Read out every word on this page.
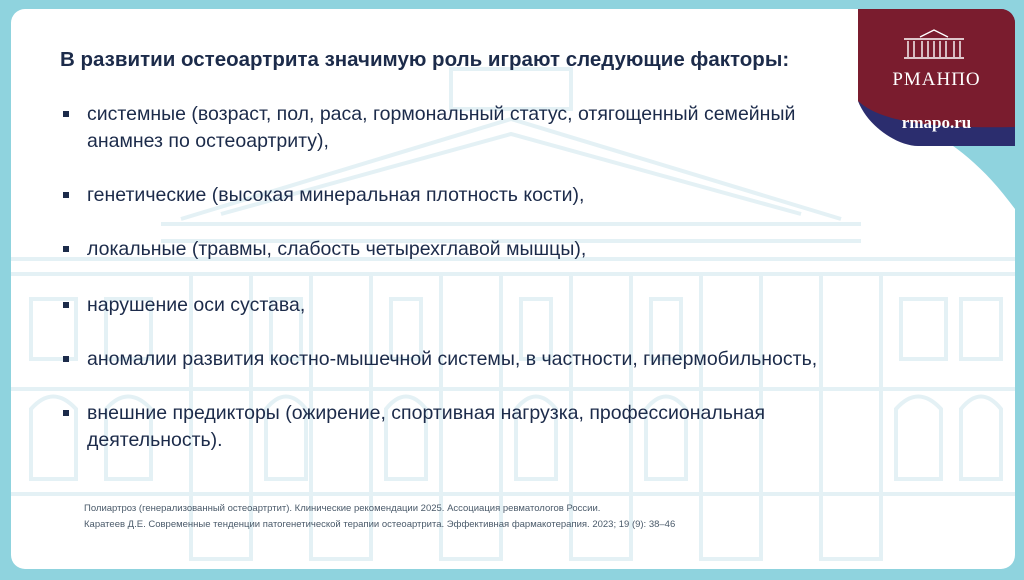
РМАНПО
rmapo.ru
В развитии остеоартрита значимую роль играют следующие факторы:
системные (возраст, пол, раса, гормональный статус, отягощенный семейный анамнез по остеоартриту),
генетические (высокая минеральная плотность кости),
локальные (травмы, слабость четырехглавой мышцы),
нарушение оси сустава,
аномалии развития костно-мышечной системы, в частности, гипермобильность,
внешние предикторы (ожирение, спортивная нагрузка, профессиональная деятельность).
Полиартроз (генерализованный остеоартртит). Клинические рекомендации 2025. Ассоциация ревматологов России.
Каратеев Д.Е. Современные тенденции патогенетической терапии остеоартрита. Эффективная фармакотерапия. 2023; 19 (9): 38–46
